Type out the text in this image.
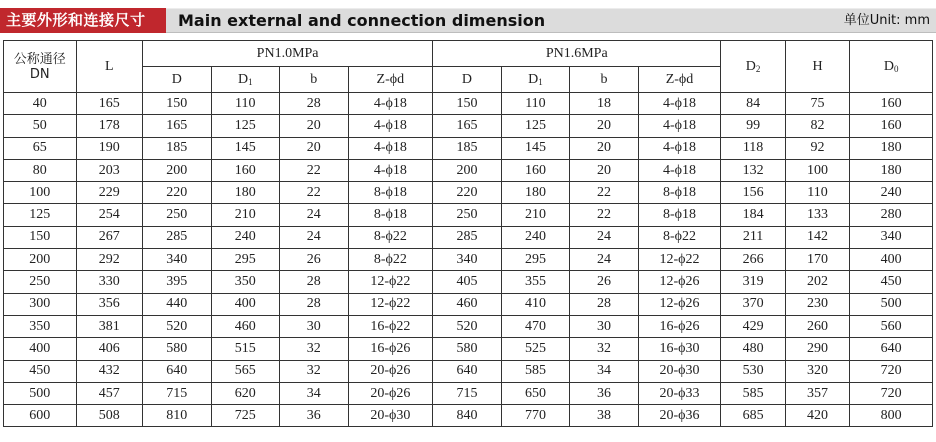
主要外形和连接尺寸	Main external and connection dimension	单位Unit: mm
公称通径
DN	L	PN1.0MPa				PN1.6MPa				$D_2$	H	$D_0$
		D	$D_1$	b	Z-ϕd	D	$D_1$	b	Z-ϕd			
40	165	150	110	28	4-ϕ18	150	110	18	4-ϕ18	84	75	160
50	178	165	125	20	4-ϕ18	165	125	20	4-ϕ18	99	82	160
65	190	185	145	20	4-ϕ18	185	145	20	4-ϕ18	118	92	180
80	203	200	160	22	4-ϕ18	200	160	20	4-ϕ18	132	100	180
100	229	220	180	22	8-ϕ18	220	180	22	8-ϕ18	156	110	240
125	254	250	210	24	8-ϕ18	250	210	22	8-ϕ18	184	133	280
150	267	285	240	24	8-ϕ22	285	240	24	8-ϕ22	211	142	340
200	292	340	295	26	8-ϕ22	340	295	24	12-ϕ22	266	170	400
250	330	395	350	28	12-ϕ22	405	355	26	12-ϕ26	319	202	450
300	356	440	400	28	12-ϕ22	460	410	28	12-ϕ26	370	230	500
350	381	520	460	30	16-ϕ22	520	470	30	16-ϕ26	429	260	560
400	406	580	515	32	16-ϕ26	580	525	32	16-ϕ30	480	290	640
450	432	640	565	32	20-ϕ26	640	585	34	20-ϕ30	530	320	720
500	457	715	620	34	20-ϕ26	715	650	36	20-ϕ33	585	357	720
600	508	810	725	36	20-ϕ30	840	770	38	20-ϕ36	685	420	800
